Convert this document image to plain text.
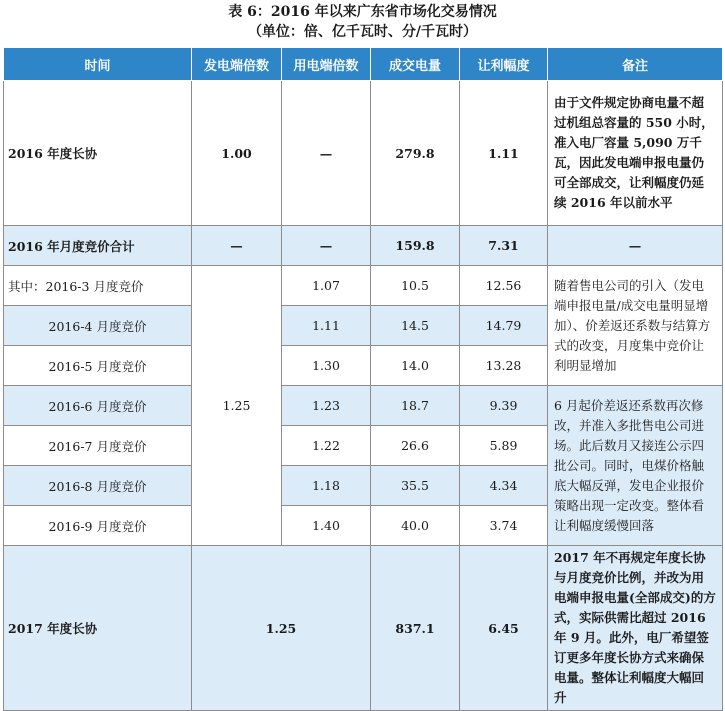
表 6：2016 年以来广东省市场化交易情况
（单位：倍、亿千瓦时、分/千瓦时）
时间	发电端倍数	用电端倍数	成交电量	让利幅度	备注
2016 年度长协	1.00	—	279.8	1.11	由于文件规定协商电量不超过机组总容量的 550 小时，准入电厂容量 5,090 万千瓦，因此发电端申报电量仍可全部成交，让利幅度仍延续 2016 年以前水平
2016 年月度竞价合计	—	—	159.8	7.31	—
其中：2016-3 月度竞价	1.25	1.07	10.5	12.56	随着售电公司的引入（发电端申报电量/成交电量明显增加）、价差返还系数与结算方式的改变，月度集中竞价让利明显增加
2016-4 月度竞价		1.11	14.5	14.79	
2016-5 月度竞价		1.30	14.0	13.28	
2016-6 月度竞价		1.23	18.7	9.39	6 月起价差返还系数再次修改，并准入多批售电公司进场。此后数月又接连公示四批公司。同时，电煤价格触底大幅反弹，发电企业报价策略出现一定改变。整体看让利幅度缓慢回落
2016-7 月度竞价		1.22	26.6	5.89	
2016-8 月度竞价		1.18	35.5	4.34	
2016-9 月度竞价		1.40	40.0	3.74	
2017 年度长协	1.25		837.1	6.45	2017 年不再规定年度长协与月度竞价比例，并改为用电端申报电量(全部成交)的方式，实际供需比超过 2016 年 9 月。此外，电厂希望签订更多年度长协方式来确保电量。整体让利幅度大幅回升
